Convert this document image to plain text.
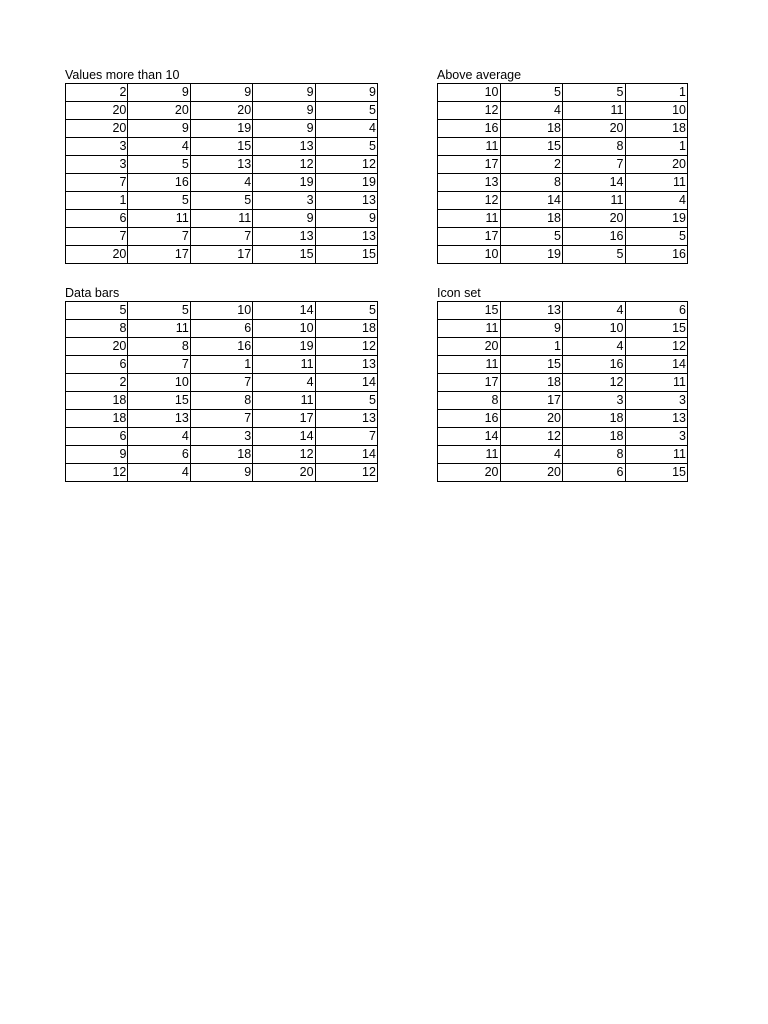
Values more than 10
2	9	9	9	9
20	20	20	9	5
20	9	19	9	4
3	4	15	13	5
3	5	13	12	12
7	16	4	19	19
1	5	5	3	13
6	11	11	9	9
7	7	7	13	13
20	17	17	15	15
Above average
10	5	5	1
12	4	11	10
16	18	20	18
11	15	8	1
17	2	7	20
13	8	14	11
12	14	11	4
11	18	20	19
17	5	16	5
10	19	5	16
Data bars
5	5	10	14	5
8	11	6	10	18
20	8	16	19	12
6	7	1	11	13
2	10	7	4	14
18	15	8	11	5
18	13	7	17	13
6	4	3	14	7
9	6	18	12	14
12	4	9	20	12
Icon set
15	13	4	6
11	9	10	15
20	1	4	12
11	15	16	14
17	18	12	11
8	17	3	3
16	20	18	13
14	12	18	3
11	4	8	11
20	20	6	15
